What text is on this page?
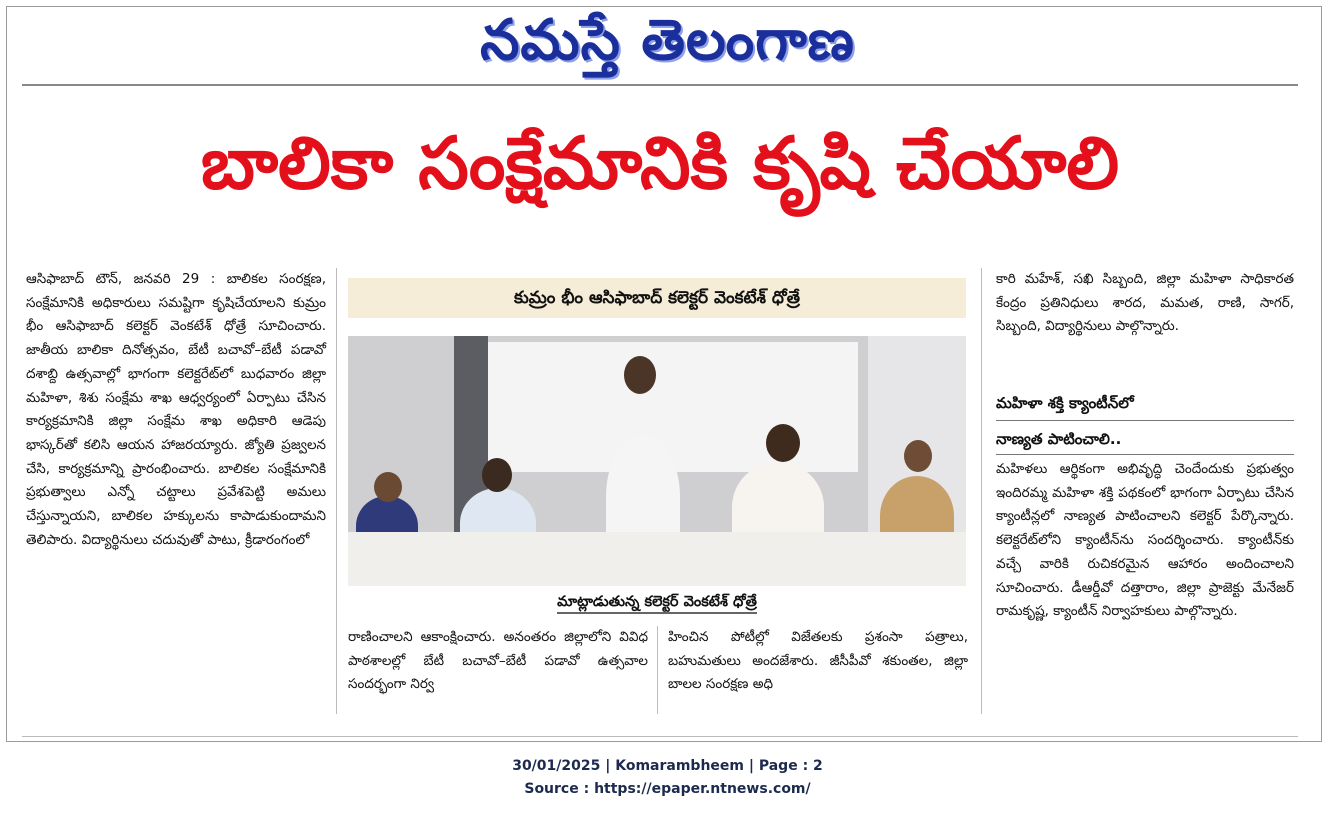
నమస్తే తెలంగాణ
బాలికా సంక్షేమానికి కృషి చేయాలి

ఆసిఫాబాద్ టౌన్, జనవరి 29 : బాలికల సంరక్షణ, సంక్షేమానికి అధికారులు సమష్టిగా కృషిచేయాలని కుమ్రం భీం ఆసిఫాబాద్ కలెక్టర్ వెంకటేశ్ ధోత్రే సూచించారు. జాతీయ బాలికా దినోత్సవం, బేటీ బచావో–బేటీ పడావో దశాబ్ది ఉత్సవాల్లో భాగంగా కలెక్టరేట్‌లో బుధవారం జిల్లా మహిళా, శిశు సంక్షేమ శాఖ ఆధ్వర్యంలో ఏర్పాటు చేసిన కార్యక్రమానికి జిల్లా సంక్షేమ శాఖ అధికారి ఆడెపు భాస్కర్‌తో కలిసి ఆయన హాజరయ్యారు. జ్యోతి ప్రజ్వలన చేసి, కార్యక్రమాన్ని ప్రారంభించారు. బాలికల సంక్షేమానికి ప్రభుత్వాలు ఎన్నో చట్టాలు ప్రవేశపెట్టి అమలు చేస్తున్నాయని, బాలికల హక్కులను కాపాడుకుందామని తెలిపారు. విద్యార్థినులు చదువుతో పాటు, క్రీడారంగంలో

కుమ్రం భీం ఆసిఫాబాద్ కలెక్టర్ వెంకటేశ్ ధోత్రే
మాట్లాడుతున్న కలెక్టర్ వెంకటేశ్ ధోత్రే

రాణించాలని ఆకాంక్షించారు. అనంతరం జిల్లాలోని వివిధ పాఠశాలల్లో బేటీ బచావో–బేటీ పడావో ఉత్సవాల సందర్భంగా నిర్వ

హించిన పోటీల్లో విజేతలకు ప్రశంసా పత్రాలు, బహుమతులు అందజేశారు. జీసీపీవో శకుంతల, జిల్లా బాలల సంరక్షణ అధి

కారి మహేశ్, సఖి సిబ్బంది, జిల్లా మహిళా సాధికారత కేంద్రం ప్రతినిధులు శారద, మమత, రాణి, సాగర్, సిబ్బంది, విద్యార్థినులు పాల్గొన్నారు.

మహిళా శక్తి క్యాంటీన్‌లో
నాణ్యత పాటించాలి..

మహిళలు ఆర్థికంగా అభివృద్ధి చెందేందుకు ప్రభుత్వం ఇందిరమ్మ మహిళా శక్తి పథకంలో భాగంగా ఏర్పాటు చేసిన క్యాంటీన్లలో నాణ్యత పాటించాలని కలెక్టర్ పేర్కొన్నారు. కలెక్టరేట్‌లోని క్యాంటీన్‌ను సందర్శించారు. క్యాంటీన్‌కు వచ్చే వారికి రుచికరమైన ఆహారం అందించాలని సూచించారు. డీఆర్డీవో దత్తారాం, జిల్లా ప్రాజెక్టు మేనేజర్ రామకృష్ణ, క్యాంటీన్ నిర్వాహకులు పాల్గొన్నారు.

30/01/2025 | Komarambheem | Page : 2
Source : https://epaper.ntnews.com/
